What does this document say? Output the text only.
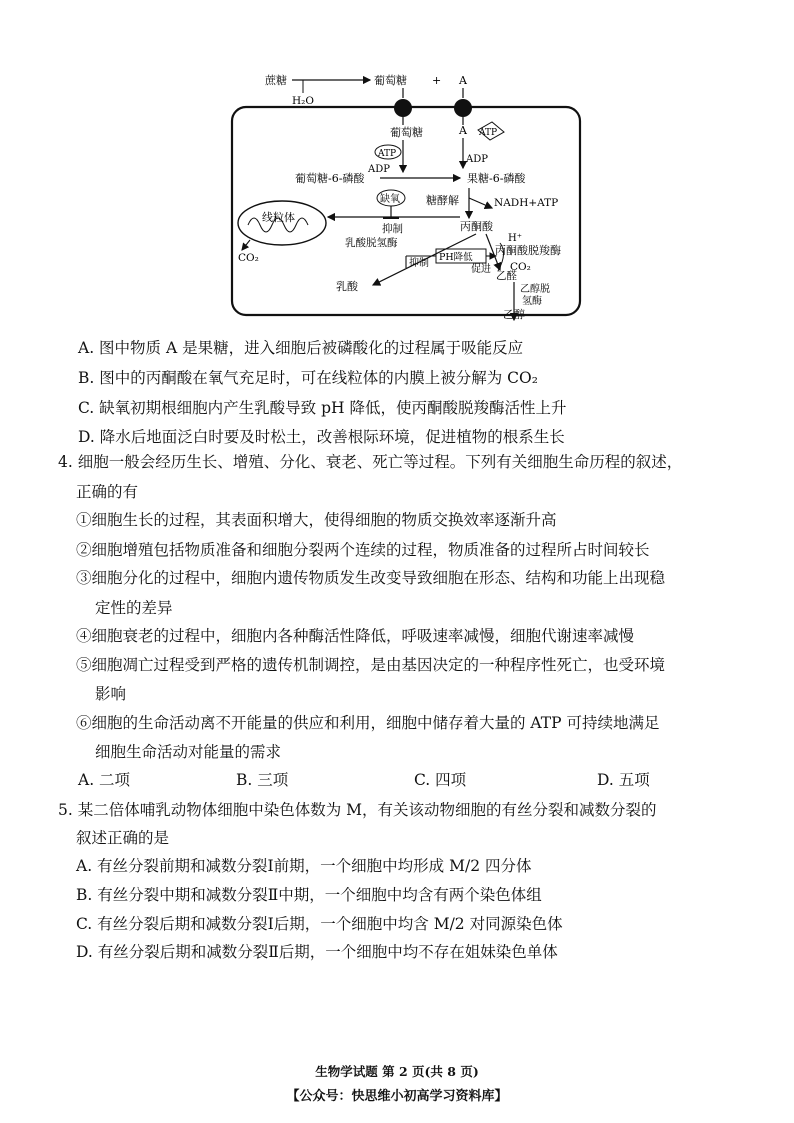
蔗糖
H₂O
葡萄糖 + A
葡萄糖
ATP
ADP
葡萄糖-6-磷酸
A ATP
ADP
果糖-6-磷酸
糖酵解	NADH+ATP
缺氧
抑制
线粒体
CO₂
丙酮酸
H⁺
乳酸脱氢酶
PH降低
抑制
丙酮酸脱羧酶
促进 CO₂
乙醛
乙醇脱
氢酶
乳酸
乙醇
A. 图中物质 A 是果糖，进入细胞后被磷酸化的过程属于吸能反应
B. 图中的丙酮酸在氧气充足时，可在线粒体的内膜上被分解为 CO₂
C. 缺氧初期根细胞内产生乳酸导致 pH 降低，使丙酮酸脱羧酶活性上升
D. 降水后地面泛白时要及时松土，改善根际环境，促进植物的根系生长
4. 细胞一般会经历生长、增殖、分化、衰老、死亡等过程。下列有关细胞生命历程的叙述，
正确的有
①细胞生长的过程，其表面积增大，使得细胞的物质交换效率逐渐升高
②细胞增殖包括物质准备和细胞分裂两个连续的过程，物质准备的过程所占时间较长
③细胞分化的过程中，细胞内遗传物质发生改变导致细胞在形态、结构和功能上出现稳
定性的差异
④细胞衰老的过程中，细胞内各种酶活性降低，呼吸速率减慢，细胞代谢速率减慢
⑤细胞凋亡过程受到严格的遗传机制调控，是由基因决定的一种程序性死亡，也受环境
影响
⑥细胞的生命活动离不开能量的供应和利用，细胞中储存着大量的 ATP 可持续地满足
细胞生命活动对能量的需求
A. 二项	B. 三项	C. 四项	D. 五项
5. 某二倍体哺乳动物体细胞中染色体数为 M，有关该动物细胞的有丝分裂和减数分裂的
叙述正确的是
A. 有丝分裂前期和减数分裂Ⅰ前期，一个细胞中均形成 M/2 四分体
B. 有丝分裂中期和减数分裂Ⅱ中期，一个细胞中均含有两个染色体组
C. 有丝分裂后期和减数分裂Ⅰ后期，一个细胞中均含 M/2 对同源染色体
D. 有丝分裂后期和减数分裂Ⅱ后期，一个细胞中均不存在姐妹染色单体
生物学试题 第 2 页(共 8 页)
【公众号：快思维小初高学习资料库】
